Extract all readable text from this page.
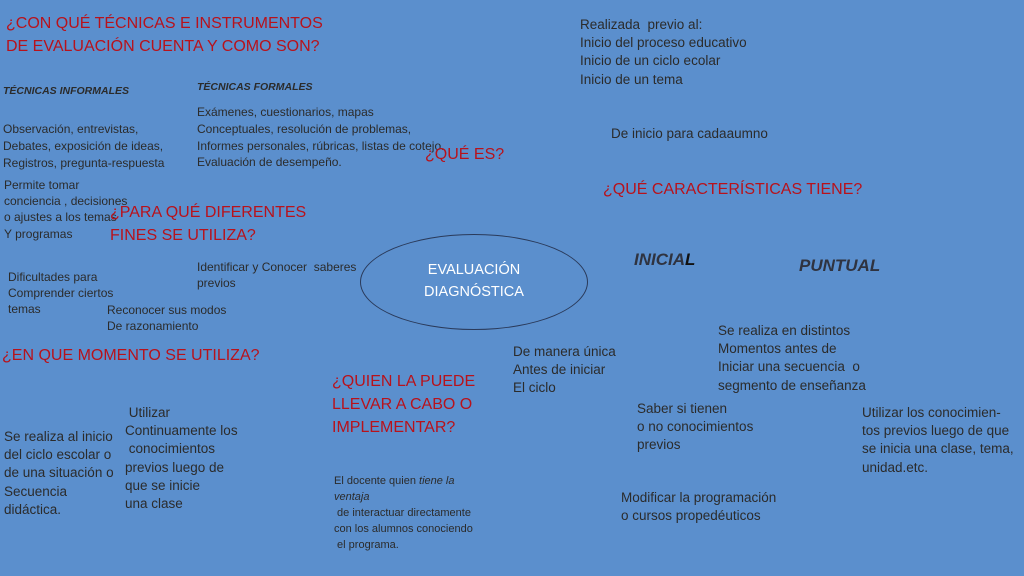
¿CON QUÉ TÉCNICAS E INSTRUMENTOS
DE EVALUACIÓN CUENTA Y COMO SON?
TÉCNICAS INFORMALES
Observación, entrevistas,
Debates, exposición de ideas,
Registros, pregunta-respuesta
TÉCNICAS FORMALES
Exámenes, cuestionarios, mapas
Conceptuales, resolución de problemas,
Informes personales, rúbricas, listas de cotejo.
Evaluación de desempeño.	¿QUÉ ES?
Realizada  previo al:
Inicio del proceso educativo
Inicio de un ciclo ecolar
Inicio de un tema
De inicio para cadaaumno
¿QUÉ CARACTERÍSTICAS TIENE?
Permite tomar
conciencia , decisiones
o ajustes a los temas
Y programas
¿PARA QUÉ DIFERENTES
FINES SE UTILIZA?
EVALUACIÓN
DIAGNÓSTICA
INICIAL	PUNTUAL
Dificultades para
Comprender ciertos
temas
Identificar y Conocer  saberes
previos
Reconocer sus modos
De razonamiento	Se realiza en distintos
Momentos antes de
Iniciar una secuencia  o
segmento de enseñanza
De manera única
Antes de iniciar
El ciclo
¿EN QUE MOMENTO SE UTILIZA?
¿QUIEN LA PUEDE
LLEVAR A CABO O
IMPLEMENTAR?
Saber si tienen
o no conocimientos
previos
Utilizar los conocimien-
tos previos luego de que
se inicia una clase, tema,
unidad.etc.
Se realiza al inicio
del ciclo escolar o
de una situación o
Secuencia
didáctica.
Utilizar
Continuamente los
conocimientos
previos luego de
que se inicie
una clase
El docente quien tiene la
ventaja
de interactuar directamente
con los alumnos conociendo
el programa.
Modificar la programación
o cursos propedéuticos
